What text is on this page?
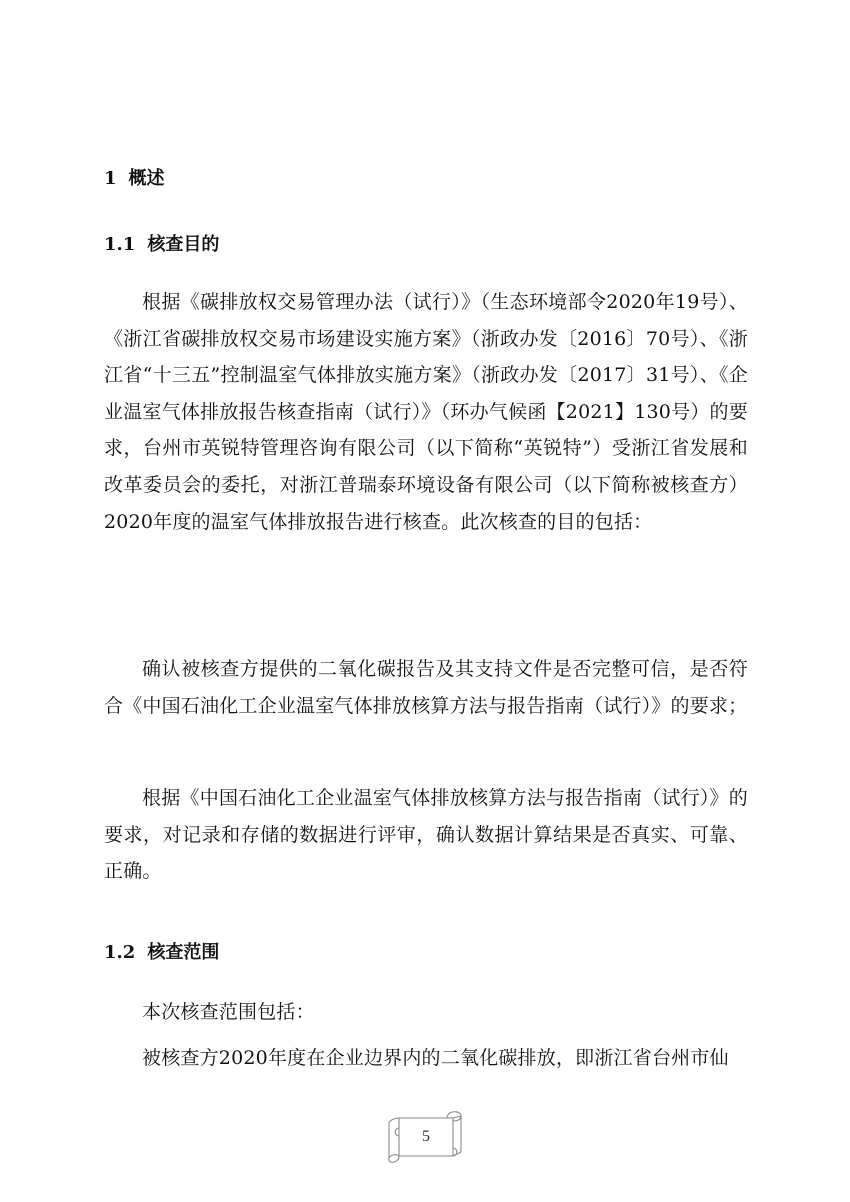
1 概述
1.1 核查目的

根据《碳排放权交易管理办法（试行）》（生态环境部令2020年19号）、《浙江省碳排放权交易市场建设实施方案》（浙政办发〔2016〕70号）、《浙江省“十三五”控制温室气体排放实施方案》（浙政办发〔2017〕31号）、《企业温室气体排放报告核查指南（试行）》（环办气候函【2021】130号）的要求，台州市英锐特管理咨询有限公司（以下简称“英锐特”）受浙江省发展和改革委员会的委托，对浙江普瑞泰环境设备有限公司（以下简称被核查方）2020年度的温室气体排放报告进行核查。此次核查的目的包括：

确认被核查方提供的二氧化碳报告及其支持文件是否完整可信，是否符合《中国石油化工企业温室气体排放核算方法与报告指南（试行）》的要求；

根据《中国石油化工企业温室气体排放核算方法与报告指南（试行）》的要求，对记录和存储的数据进行评审，确认数据计算结果是否真实、可靠、正确。

1.2 核查范围

本次核查范围包括：

被核查方2020年度在企业边界内的二氧化碳排放，即浙江省台州市仙

5
